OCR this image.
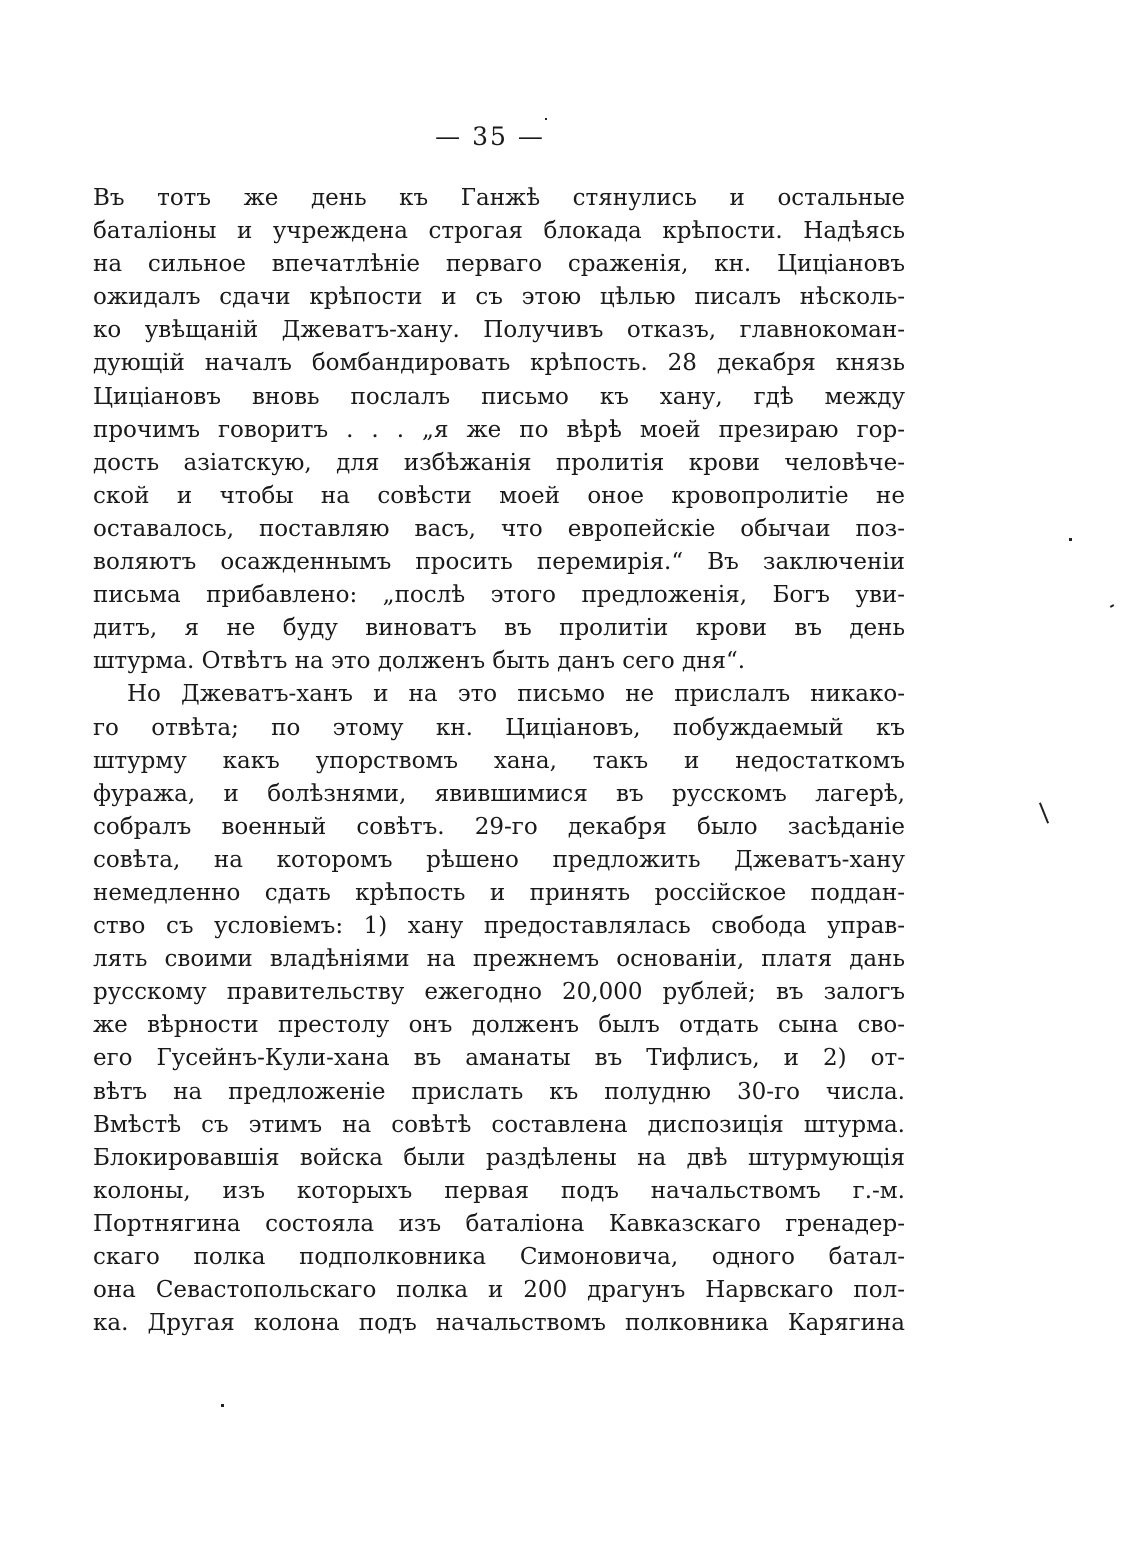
— 35 —
Въ тотъ же день къ Ганжѣ стянулись и остальные
баталіоны и учреждена строгая блокада крѣпости. Надѣясь
на сильное впечатлѣніе перваго сраженія, кн. Циціановъ
ожидалъ сдачи крѣпости и съ этою цѣлью писалъ нѣсколь-
ко увѣщаній Джеватъ-хану. Получивъ отказъ, главнокоман-
дующій началъ бомбандировать крѣпость. 28 декабря князь
Цицiановъ вновь послалъ письмо къ хану, гдѣ между
прочимъ говоритъ . . . „я же по вѣрѣ моей презираю гор-
дость азіатскую, для избѣжанія пролитія крови человѣче-
ской и чтобы на совѣсти моей оное кровопролитіе не
оставалось, поставляю васъ, что европейскіе обычаи поз-
воляютъ осажденнымъ просить перемирія.“ Въ заключеніи
письма прибавлено: „послѣ этого предложенія, Богъ уви-
дитъ, я не буду виноватъ въ пролитіи крови въ день
штурма. Отвѣтъ на это долженъ быть данъ сего дня“.
Но Джеватъ-ханъ и на это письмо не прислалъ никако-
го отвѣта; по этому кн. Цицiановъ, побуждаемый къ
штурму какъ упорствомъ хана, такъ и недостаткомъ
фуража, и болѣзнями, явившимися въ русскомъ лагерѣ,
собралъ военный совѣтъ. 29-го декабря было засѣданіе
совѣта, на которомъ рѣшено предложить Джеватъ-хану
немедленно сдать крѣпость и принять россійское поддан-
ство съ условіемъ: 1) хану предоставлялась свобода управ-
лять своими владѣніями на прежнемъ основаніи, платя дань
русскому правительству ежегодно 20,000 рублей; въ залогъ
же вѣрности престолу онъ долженъ былъ отдать сына сво-
его Гусейнъ-Кули-хана въ аманаты въ Тифлисъ, и 2) от-
вѣтъ на предложеніе прислать къ полудню 30-го числа.
Вмѣстѣ съ этимъ на совѣтѣ составлена диспозиція штурма.
Блокировавшія войска были раздѣлены на двѣ штурмующія
колоны, изъ которыхъ первая подъ начальствомъ г.-м.
Портнягина состояла изъ баталіона Кавказскаго гренадер-
скаго полка подполковника Симоновича, одного батал-
она Севастопольскаго полка и 200 драгунъ Нарвскаго пол-
ка. Другая колона подъ начальствомъ полковника Карягина
